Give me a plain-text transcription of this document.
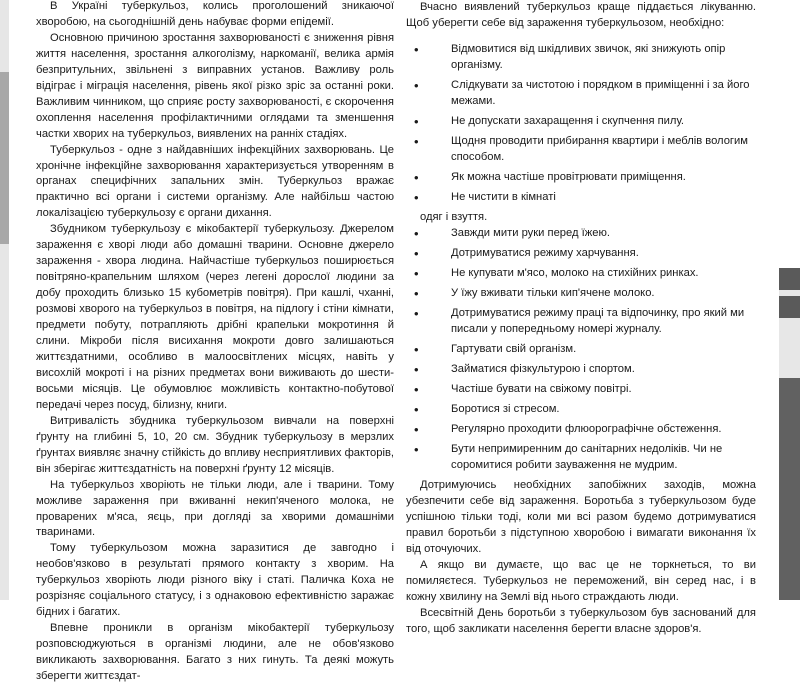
В Україні туберкульоз, колись проголошений зникаючої хворобою, на сьогоднішній день набуває форми епідемії.

Основною причиною зростання захворюваності є зниження рівня життя населення, зростання алкоголізму, наркоманії, велика армія безпритульних, звільнені з виправних установ. Важливу роль відіграє і міграція населення, рівень якої різко зріс за останні роки. Важливим чинником, що сприяє росту захворюваності, є скорочення охоплення населення профілактичними оглядами та зменшення частки хворих на туберкульоз, виявлених на ранніх стадіях.

Туберкульоз - одне з найдавніших інфекційних захворювань. Це хронічне інфекційне захворювання характеризується утворенням в органах специфічних запальних змін. Туберкульоз вражає практично всі органи і системи організму. Але найбільш частою локалізацією туберкульозу є органи дихання.

Збудником туберкульозу є мікобактерії туберкульозу. Джерелом зараження є хворі люди або домашні тварини. Основне джерело зараження - хвора людина. Найчастіше туберкульоз поширюється повітряно-крапельним шляхом (через легені дорослої людини за добу проходить близько 15 кубометрів повітря). При кашлі, чханні, розмові хворого на туберкульоз в повітря, на підлогу і стіни кімнати, предмети побуту, потрапляють дрібні крапельки мокротиння й слини. Мікроби після висихання мокроти довго залишаються життєздатними, особливо в малоосвітлених місцях, навіть у висохлій мокроті і на різних предметах вони виживають до шести-восьми місяців. Це обумовлює можливість контактно-побутової передачі через посуд, білизну, книги.

Витривалість збудника туберкульозом вивчали на поверхні ґрунту на глибині 5, 10, 20 см. Збудник туберкульозу в мерзлих ґрунтах виявляє значну стійкість до впливу несприятливих факторів, він зберігає життєздатність на поверхні ґрунту 12 місяців.

На туберкульоз хворіють не тільки люди, але і тварини. Тому можливе зараження при вживанні некип'яченого молока, не проварених м'яса, яєць, при догляді за хворими домашніми тваринами.

Тому туберкульозом можна заразитися де завгодно і необов'язково в результаті прямого контакту з хворим. На туберкульоз хворіють люди різного віку і статі. Паличка Коха не розрізняє соціального статусу, і з однаковою ефективністю заражає бідних і багатих.

Впевне проникли в організм мікобактерії туберкульозу розповсюджуються в організмі людини, але не обов'язково викликають захворювання. Багато з них гинуть. Та деякі можуть зберегти життєздат-

Вчасно виявлений туберкульоз краще піддається лікуванню. Щоб уберегти себе від зараження туберкульозом, необхідно:

• Відмовитися від шкідливих звичок, які знижують опір організму.
• Слідкувати за чистотою і порядком в приміщенні і за його межами.
• Не допускати захаращення і скупчення пилу.
• Щодня проводити прибирання квартири і меблів вологим способом.
• Як можна частіше провітрювати приміщення.
• Не чистити в кімнаті

одяг і взуття.

• Завжди мити руки перед їжею.
• Дотримуватися режиму харчування.
• Не купувати м'ясо, молоко на стихійних ринках.
• У їжу вживати тільки кип'ячене молоко.
• Дотримуватися режиму праці та відпочинку, про який ми писали у попередньому номері журналу.
• Гартувати свій організм.
• Займатися фізкультурою і спортом.
• Частіше бувати на свіжому повітрі.
• Боротися зі стресом.
• Регулярно проходити флюорографічне обстеження.
• Бути непримиренним до санітарних недоліків. Чи не соромитися робити зауваження не мудрим.

Дотримуючись необхідних запобіжних заходів, можна убезпечити себе від зараження. Боротьба з туберкульозом буде успішною тільки тоді, коли ми всі разом будемо дотримуватися правил боротьби з підступною хворобою і вимагати виконання їх від оточуючих.

А якщо ви думаєте, що вас це не торкнеться, то ви помиляєтеся. Туберкульоз не переможений, він серед нас, і в кожну хвилину на Землі від нього страждають люди.

Всесвітній День боротьби з туберкульозом був заснований для того, щоб закликати населення берегти власне здоров'я.
